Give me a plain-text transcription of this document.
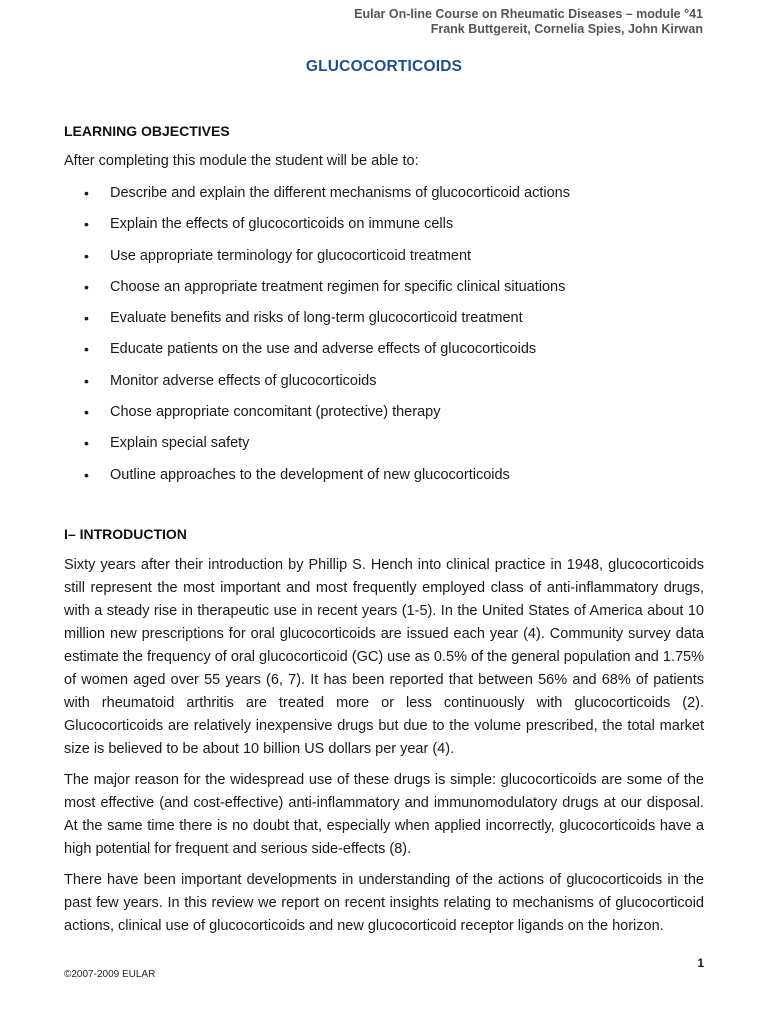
Eular On-line Course on Rheumatic Diseases – module °41
Frank Buttgereit, Cornelia Spies, John Kirwan
GLUCOCORTICOIDS
LEARNING OBJECTIVES
After completing this module the student will be able to:
• Describe and explain the different mechanisms of glucocorticoid actions
• Explain the effects of glucocorticoids on immune cells
• Use appropriate terminology for glucocorticoid treatment
• Choose an appropriate treatment regimen for specific clinical situations
• Evaluate benefits and risks of long-term glucocorticoid treatment
• Educate patients on the use and adverse effects of glucocorticoids
• Monitor adverse effects of glucocorticoids
• Chose appropriate concomitant (protective) therapy
• Explain special safety
• Outline approaches to the development of new glucocorticoids
I– INTRODUCTION

Sixty years after their introduction by Phillip S. Hench into clinical practice in 1948, glucocorticoids still represent the most important and most frequently employed class of anti-inflammatory drugs, with a steady rise in therapeutic use in recent years (1-5). In the United States of America about 10 million new prescriptions for oral glucocorticoids are issued each year (4). Community survey data estimate the frequency of oral glucocorticoid (GC) use as 0.5% of the general population and 1.75% of women aged over 55 years (6, 7). It has been reported that between 56% and 68% of patients with rheumatoid arthritis are treated more or less continuously with glucocorticoids (2). Glucocorticoids are relatively inexpensive drugs but due to the volume prescribed, the total market size is believed to be about 10 billion US dollars per year (4).

The major reason for the widespread use of these drugs is simple: glucocorticoids are some of the most effective (and cost-effective) anti-inflammatory and immunomodulatory drugs at our disposal. At the same time there is no doubt that, especially when applied incorrectly, glucocorticoids have a high potential for frequent and serious side-effects (8).

There have been important developments in understanding of the actions of glucocorticoids in the past few years. In this review we report on recent insights relating to mechanisms of glucocorticoid actions, clinical use of glucocorticoids and new glucocorticoid receptor ligands on the horizon.

1
©2007-2009 EULAR
